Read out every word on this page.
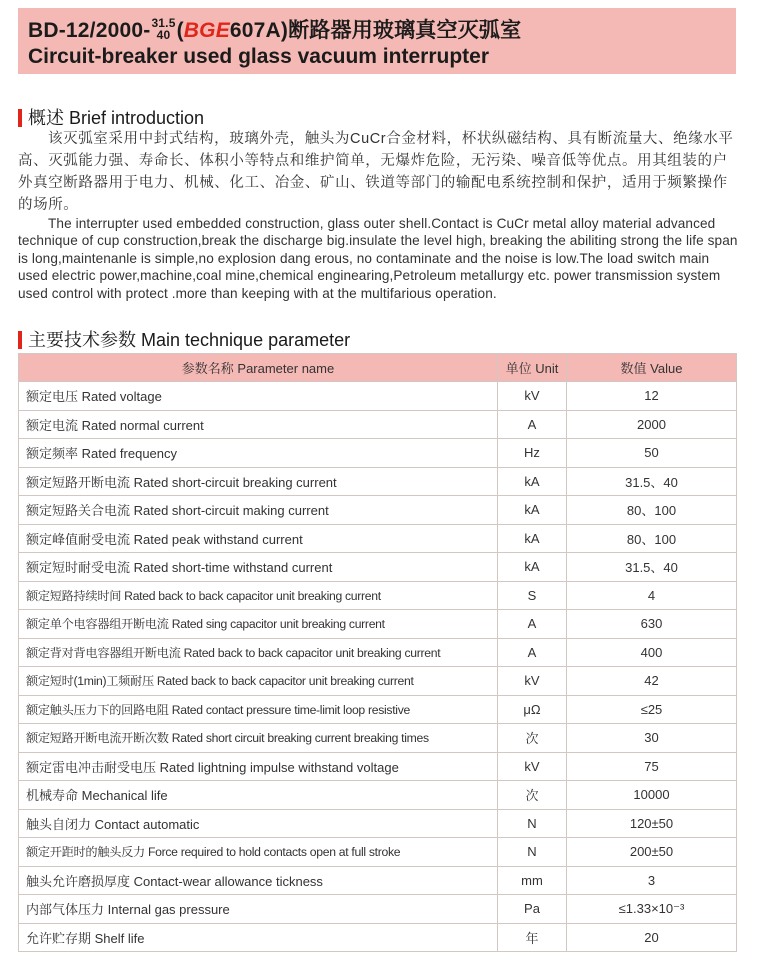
BD-12/2000- 31.5
40 (BGE607A)断路器用玻璃真空灭弧室
Circuit-breaker used glass vacuum interrupter
概述 Brief introduction
该灭弧室采用中封式结构，玻璃外壳，触头为CuCr合金材料，杯状纵磁结构、具有断流量大、绝缘水平高、灭弧能力强、寿命长、体积小等特点和维护简单，无爆炸危险，无污染、噪音低等优点。用其组装的户外真空断路器用于电力、机械、化工、冶金、矿山、铁道等部门的输配电系统控制和保护，适用于频繁操作的场所。
The interrupter used embedded construction, glass outer shell.Contact is CuCr metal alloy material advanced technique of cup construction,break the discharge big.insulate the level high, breaking the abiliting strong the life span is long,maintenanle is simple,no explosion dang erous, no contaminate and the noise is low.The load switch main used electric power,machine,coal mine,chemical enginearing,Petroleum metallurgy etc. power transmission system used control with protect .more than keeping with at the multifarious operation.
主要技术参数 Main technique parameter
参数名称 Parameter name	单位 Unit	数值 Value
额定电压 Rated voltage	kV	12
额定电流 Rated normal current	A	2000
额定频率 Rated frequency	Hz	50
额定短路开断电流 Rated short-circuit breaking current	kA	31.5、40
额定短路关合电流 Rated short-circuit making current	kA	80、100
额定峰值耐受电流 Rated peak withstand current	kA	80、100
额定短时耐受电流 Rated short-time withstand current	kA	31.5、40
额定短路持续时间 Rated back to back capacitor unit breaking current	S	4
额定单个电容器组开断电流 Rated sing capacitor unit breaking current	A	630
额定背对背电容器组开断电流 Rated back to back capacitor unit breaking current	A	400
额定短时(1min)工频耐压 Rated back to back capacitor unit breaking current	kV	42
额定触头压力下的回路电阻 Rated contact pressure time-limit loop resistive	μΩ	≤25
额定短路开断电流开断次数 Rated short circuit breaking current breaking times	次	30
额定雷电冲击耐受电压 Rated lightning impulse withstand voltage	kV	75
机械寿命 Mechanical life	次	10000
触头自闭力 Contact automatic	N	120±50
额定开距时的触头反力 Force required to hold contacts open at full stroke	N	200±50
触头允许磨损厚度 Contact-wear allowance tickness	mm	3
内部气体压力 Internal gas pressure	Pa	≤1.33×10⁻³
允许贮存期 Shelf life	年	20
